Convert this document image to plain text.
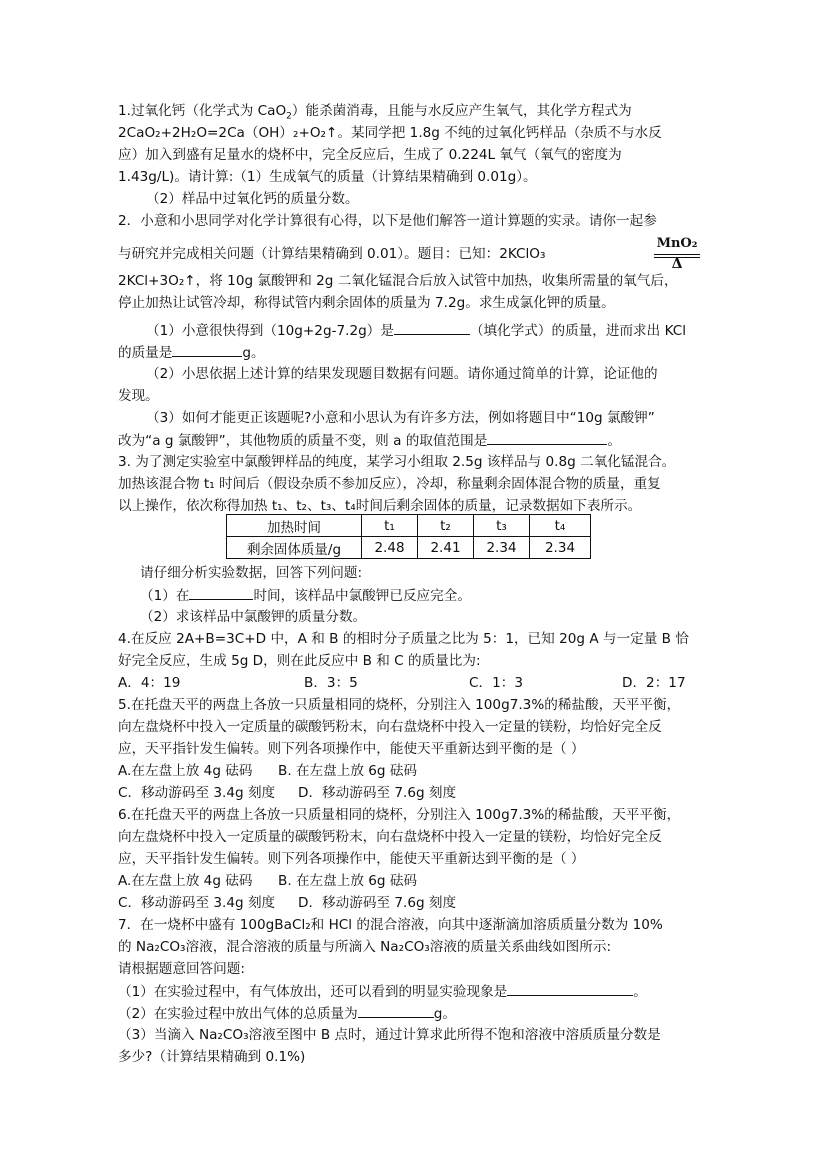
1.过氧化钙（化学式为 CaO$_2$）能杀菌消毒，且能与水反应产生氧气，其化学方程式为
2CaO₂+2H₂O=2Ca（OH）₂+O₂↑。某同学把 1.8g 不纯的过氧化钙样品（杂质不与水反
应）加入到盛有足量水的烧杯中，完全反应后，生成了 0.224L 氧气（氧气的密度为
1.43g/L)。请计算:（1）生成氧气的质量（计算结果精确到 0.01g）。
（2）样品中过氧化钙的质量分数。
2．小意和小思同学对化学计算很有心得，以下是他们解答一道计算题的实录。请你一起参
与研究并完成相关问题（计算结果精确到 0.01）。题目：已知：2KClO₃
MnO₂
Δ
2KCl+3O₂↑，将 10g 氯酸钾和 2g 二氧化锰混合后放入试管中加热，收集所需量的氧气后，
停止加热让试管冷却，称得试管内剩余固体的质量为 7.2g。求生成氯化钾的质量。
（1）小意很快得到（10g+2g-7.2g）是	（填化学式）的质量，进而求出 KCl
的质量是	g。
（2）小思依据上述计算的结果发现题目数据有问题。请你通过简单的计算，论证他的
发现。
（3）如何才能更正该题呢?小意和小思认为有许多方法，例如将题目中“10g 氯酸钾”
改为“a g 氯酸钾”，其他物质的质量不变，则 a 的取值范围是	。
3. 为了测定实验室中氯酸钾样品的纯度，某学习小组取 2.5g 该样品与 0.8g 二氧化锰混合。
加热该混合物 t₁ 时间后（假设杂质不参加反应），冷却，称量剩余固体混合物的质量，重复
以上操作，依次称得加热 t₁、t₂、t₃、t₄时间后剩余固体的质量，记录数据如下表所示。
加热时间	t₁	t₂	t₃	t₄
剩余固体质量/g	2.48	2.41	2.34	2.34
请仔细分析实验数据，回答下列问题:
（1）在	时间，该样品中氯酸钾已反应完全。
（2）求该样品中氯酸钾的质量分数。
4.在反应 2A+B=3C+D 中，A 和 B 的相时分子质量之比为 5：1，已知 20g A 与一定量 B 恰
好完全反应，生成 5g D，则在此反应中 B 和 C 的质量比为:
A．4：19	B．3：5	C．1：3	D．2：17
5.在托盘天平的两盘上各放一只质量相同的烧杯，分别注入 100g7.3%的稀盐酸，天平平衡，
向左盘烧杯中投入一定质量的碳酸钙粉末，向右盘烧杯中投入一定量的镁粉，均恰好完全反
应，天平指针发生偏转。则下列各项操作中，能使天平重新达到平衡的是（ ）
A.在左盘上放 4g 砝码 B. 在左盘上放 6g 砝码
C．移动游码至 3.4g 刻度 D．移动游码至 7.6g 刻度
6.在托盘天平的两盘上各放一只质量相同的烧杯，分别注入 100g7.3%的稀盐酸，天平平衡，
向左盘烧杯中投入一定质量的碳酸钙粉末，向右盘烧杯中投入一定量的镁粉，均恰好完全反
应，天平指针发生偏转。则下列各项操作中，能使天平重新达到平衡的是（ ）
A.在左盘上放 4g 砝码 B. 在左盘上放 6g 砝码
C．移动游码至 3.4g 刻度 D．移动游码至 7.6g 刻度
7．在一烧杯中盛有 100gBaCl₂和 HCl 的混合溶液，向其中逐渐滴加溶质质量分数为 10%
的 Na₂CO₃溶液，混合溶液的质量与所滴入 Na₂CO₃溶液的质量关系曲线如图所示:
请根据题意回答问题:
（1）在实验过程中，有气体放出，还可以看到的明显实验现象是	。
（2）在实验过程中放出气体的总质量为	g。
（3）当滴入 Na₂CO₃溶液至图中 B 点时，通过计算求此所得不饱和溶液中溶质质量分数是
多少?（计算结果精确到 0.1%)
